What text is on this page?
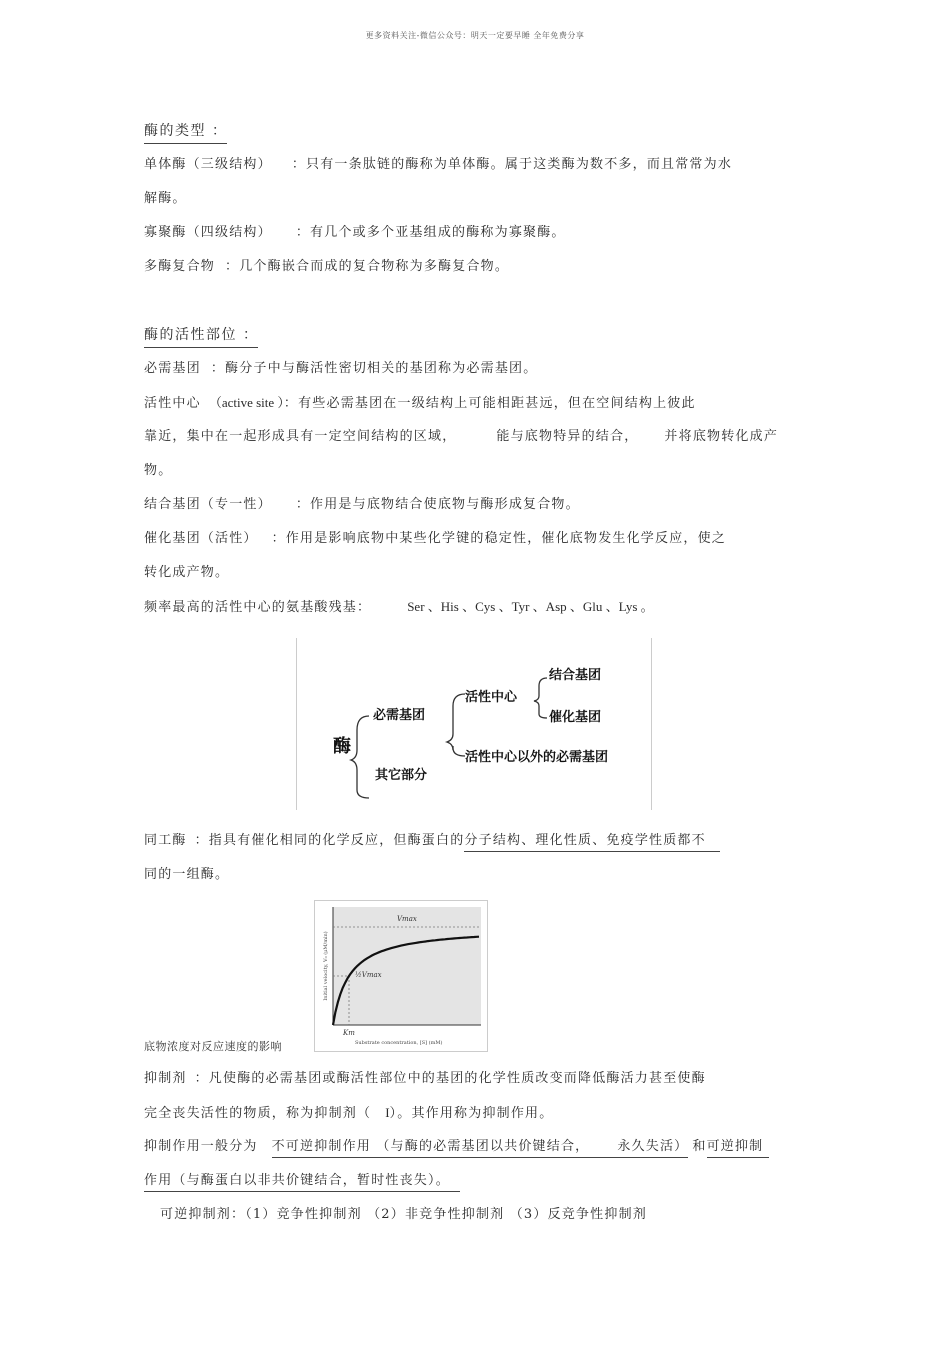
更多资料关注-微信公众号：明天一定要早睡 全年免费分享
酶的类型 ：
单体酶（三级结构） ：只有一条肽链的酶称为单体酶。属于这类酶为数不多，而且常常为水
解酶。
寡聚酶（四级结构） ：有几个或多个亚基组成的酶称为寡聚酶。
多酶复合物 ：几个酶嵌合而成的复合物称为多酶复合物。
酶的活性部位 ：
必需基团 ：酶分子中与酶活性密切相关的基团称为必需基团。
活性中心 （active site ）：有些必需基团在一级结构上可能相距甚远，但在空间结构上彼此
靠近，集中在一起形成具有一定空间结构的区域，	能与底物特异的结合， 并将底物转化成产
物。
结合基团（专一性） ：作用是与底物结合使底物与酶形成复合物。
催化基团（活性） ：作用是影响底物中某些化学键的稳定性，催化底物发生化学反应，使之
转化成产物。
频率最高的活性中心的氨基酸残基：	Ser 、His 、Cys 、Tyr 、Asp 、Glu 、Lys 。
酶
必需基团
其它部分
活性中心
活性中心以外的必需基团
结合基团
催化基团
同工酶 ：指具有催化相同的化学反应，但酶蛋白的分子结构、理化性质、免疫学性质都不
同的一组酶。
Vmax
½Vmax
Km
Substrate concentration, [S] (mM)
Initial velocity, V₀ (μM/min)
底物浓度对反应速度的影响
抑制剂 ：凡使酶的必需基团或酶活性部位中的基团的化学性质改变而降低酶活力甚至使酶
完全丧失活性的物质，称为抑制剂（ I）。其作用称为抑制作用。
抑制作用一般分为 不可逆抑制作用 （与酶的必需基团以共价键结合， 永久失活） 和可逆抑制
作用（与酶蛋白以非共价键结合，暂时性丧失）。
可逆抑制剂：（1）竞争性抑制剂 （2）非竞争性抑制剂 （3）反竞争性抑制剂
